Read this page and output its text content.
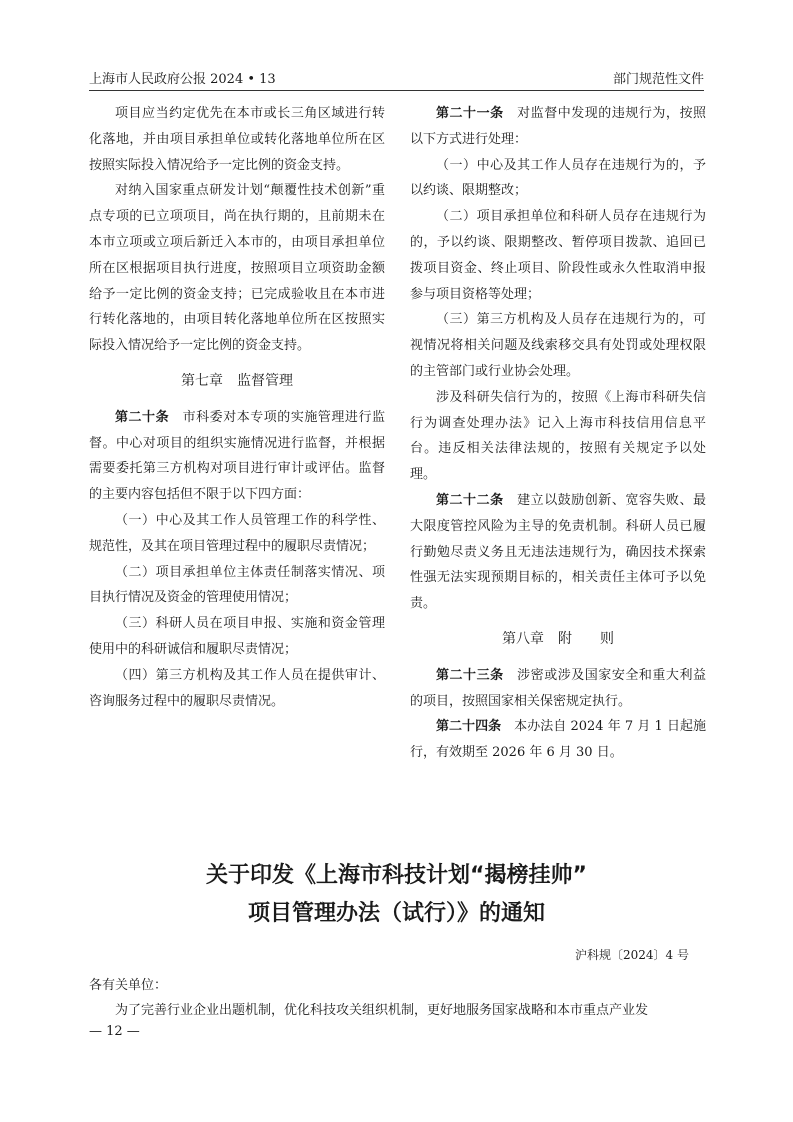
上海市人民政府公报 2024 • 13	部门规范性文件

项目应当约定优先在本市或长三角区域进行转化落地，并由项目承担单位或转化落地单位所在区按照实际投入情况给予一定比例的资金支持。

对纳入国家重点研发计划“颠覆性技术创新”重点专项的已立项项目，尚在执行期的，且前期未在本市立项或立项后新迁入本市的，由项目承担单位所在区根据项目执行进度，按照项目立项资助金额给予一定比例的资金支持；已完成验收且在本市进行转化落地的，由项目转化落地单位所在区按照实际投入情况给予一定比例的资金支持。

第七章　监督管理

第二十条　市科委对本专项的实施管理进行监督。中心对项目的组织实施情况进行监督，并根据需要委托第三方机构对项目进行审计或评估。监督的主要内容包括但不限于以下四方面：

（一）中心及其工作人员管理工作的科学性、规范性，及其在项目管理过程中的履职尽责情况；

（二）项目承担单位主体责任制落实情况、项目执行情况及资金的管理使用情况；

（三）科研人员在项目申报、实施和资金管理使用中的科研诚信和履职尽责情况；

（四）第三方机构及其工作人员在提供审计、咨询服务过程中的履职尽责情况。

第二十一条　对监督中发现的违规行为，按照以下方式进行处理：

（一）中心及其工作人员存在违规行为的，予以约谈、限期整改；

（二）项目承担单位和科研人员存在违规行为的，予以约谈、限期整改、暂停项目拨款、追回已拨项目资金、终止项目、阶段性或永久性取消申报参与项目资格等处理；

（三）第三方机构及人员存在违规行为的，可视情况将相关问题及线索移交具有处罚或处理权限的主管部门或行业协会处理。

涉及科研失信行为的，按照《上海市科研失信行为调查处理办法》记入上海市科技信用信息平台。违反相关法律法规的，按照有关规定予以处理。

第二十二条　建立以鼓励创新、宽容失败、最大限度管控风险为主导的免责机制。科研人员已履行勤勉尽责义务且无违法违规行为，确因技术探索性强无法实现预期目标的，相关责任主体可予以免责。

第八章　附　　则

第二十三条　涉密或涉及国家安全和重大利益的项目，按照国家相关保密规定执行。

第二十四条　本办法自 2024 年 7 月 1 日起施行，有效期至 2026 年 6 月 30 日。

关于印发《上海市科技计划“揭榜挂帅”
项目管理办法（试行）》的通知
沪科规〔2024〕4 号
各有关单位：
为了完善行业企业出题机制，优化科技攻关组织机制，更好地服务国家战略和本市重点产业发
— 12 —
